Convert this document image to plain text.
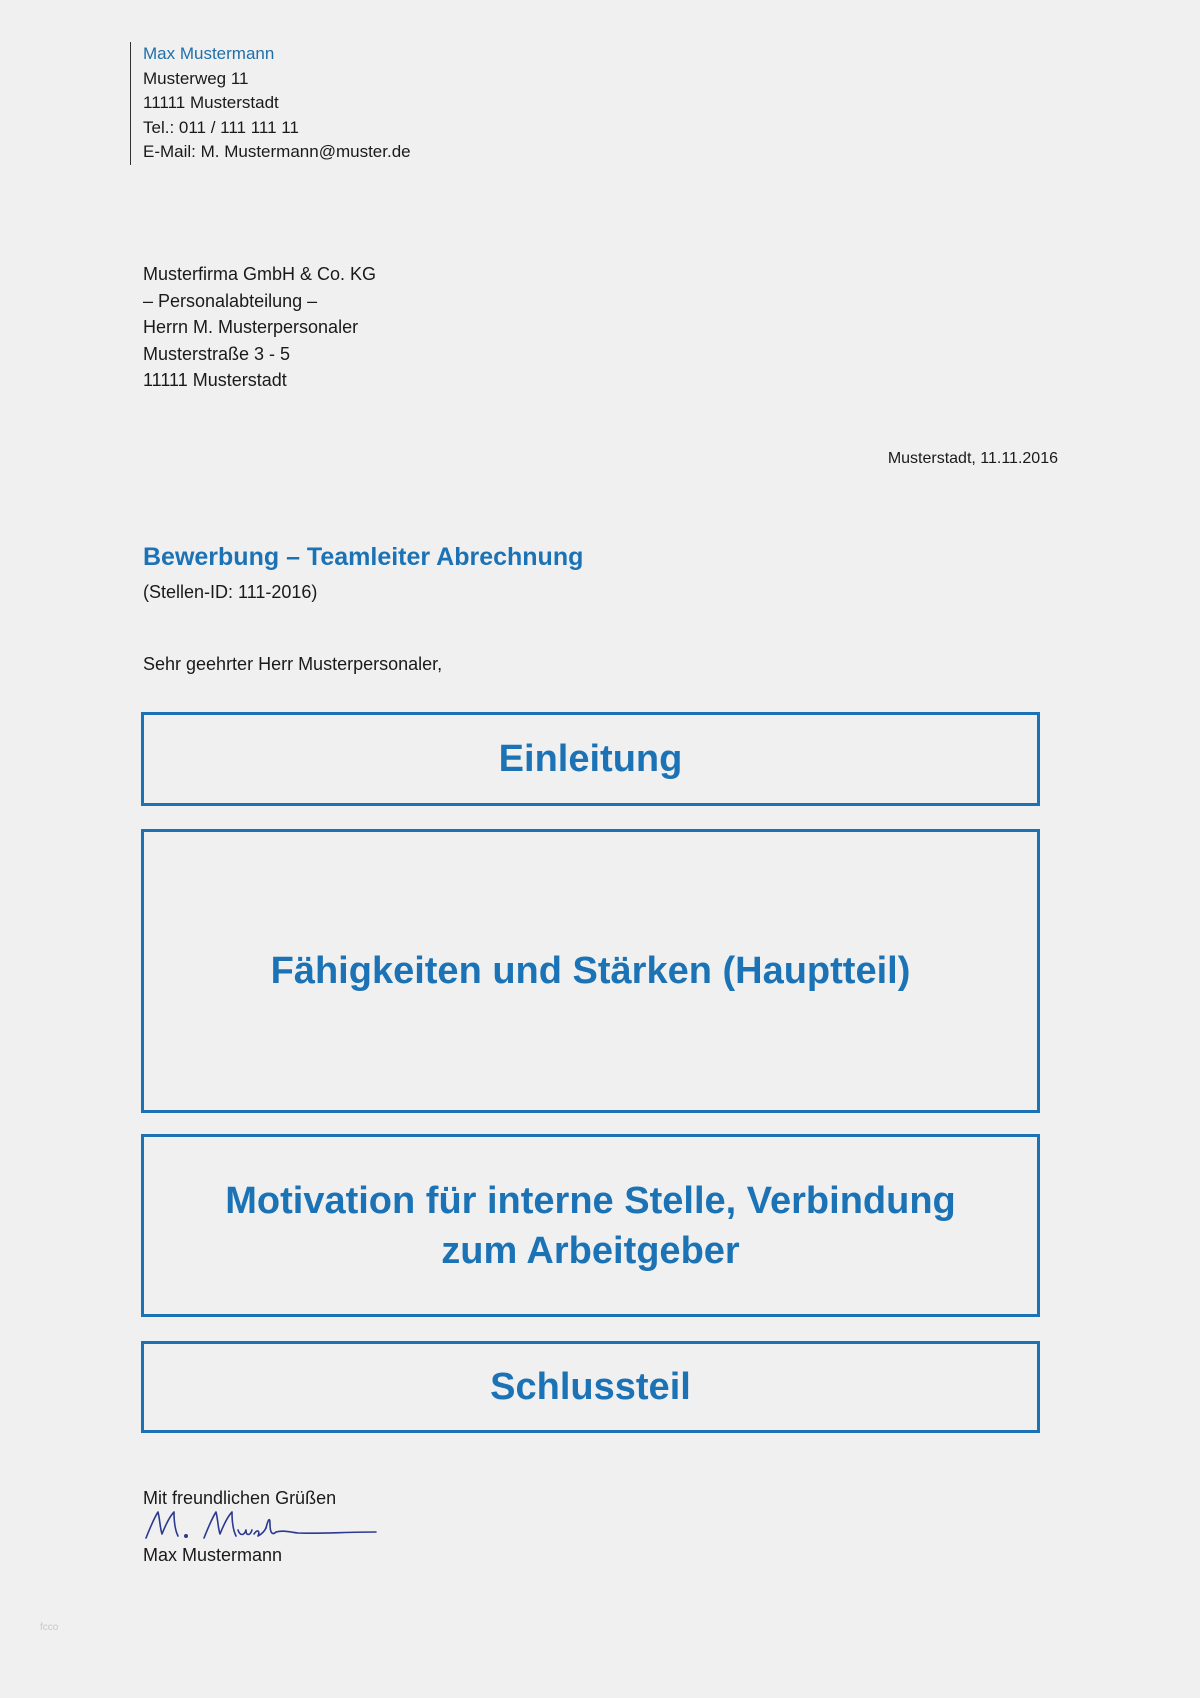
Max Mustermann
Musterweg 11
11111 Musterstadt
Tel.: 011 / 111 111 11
E-Mail: M. Mustermann@muster.de
Musterfirma GmbH & Co. KG
– Personalabteilung –
Herrn M. Musterpersonaler
Musterstraße 3 - 5
11111 Musterstadt
Musterstadt, 11.11.2016
Bewerbung – Teamleiter Abrechnung
(Stellen-ID: 111-2016)
Sehr geehrter Herr Musterpersonaler,
Einleitung
Fähigkeiten und Stärken (Hauptteil)
Motivation für interne Stelle, Verbindung
zum Arbeitgeber
Schlussteil
Mit freundlichen Grüßen
Max Mustermann
fcco
